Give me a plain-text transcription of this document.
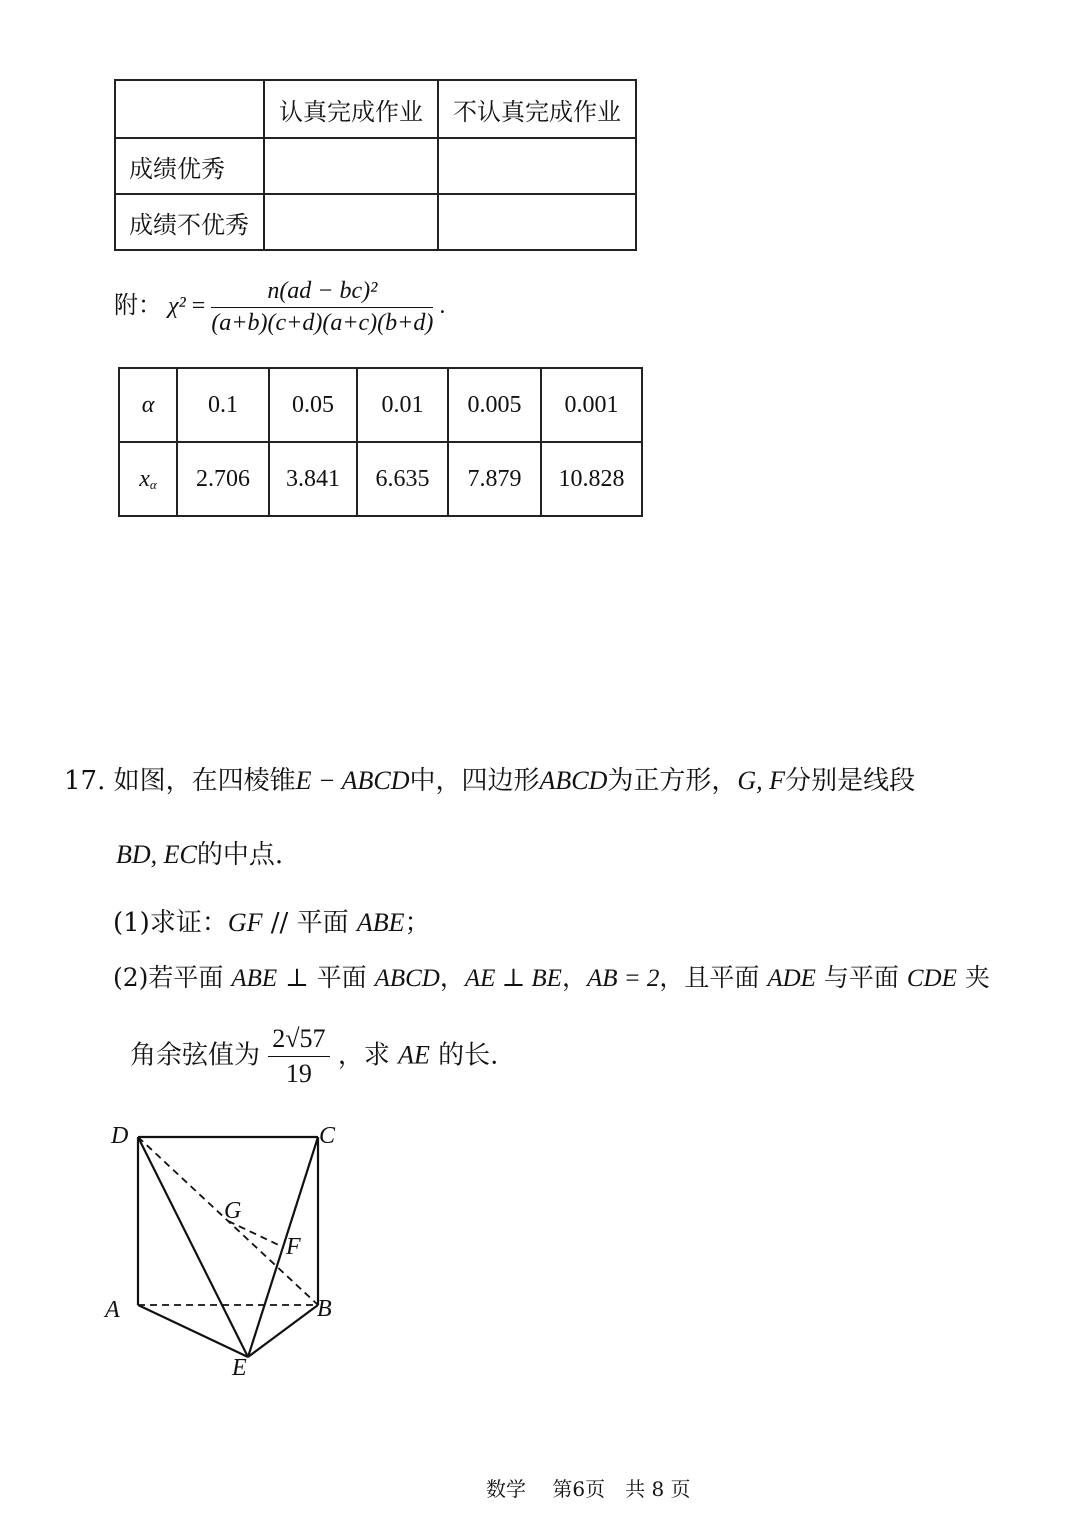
	认真完成作业	不认真完成作业
成绩优秀		
成绩不优秀		
附： $\chi^2 = \frac{\text{n(ad − bc)²}}{(a+b)(c+d)(a+c)(b+d)}$ .
α	0.1	0.05	0.01	0.005	0.001
$x_\alpha$	2.706	3.841	6.635	7.879	10.828
17. 如图，在四棱锥E − ABCD中，四边形ABCD为正方形，G, F分别是线段
BD, EC的中点.
(1)求证：GF // 平面 ABE；
(2)若平面 ABE ⊥ 平面 ABCD，AE ⊥ BE，AB = 2，且平面 ADE 与平面 CDE 夹
角余弦值为 $\frac{2√57}{19}$ ，求 AE 的长.
D	C
G
F
A	B
E
数学　 第6页　共 8 页
